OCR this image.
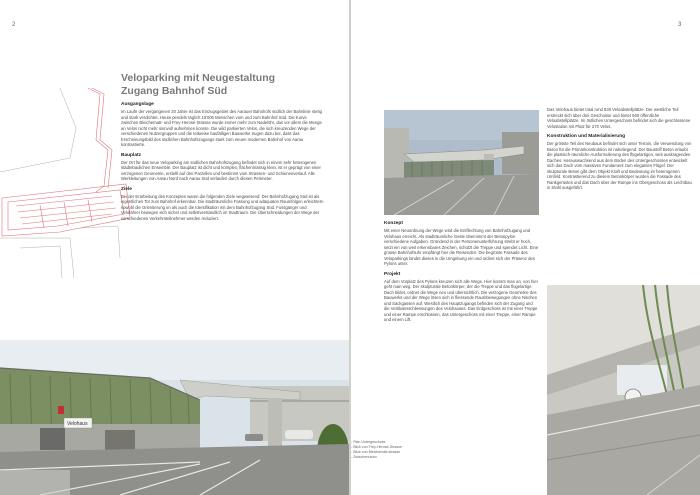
2
Veloparking mit Neugestaltung
Zugang Bahnhof Süd
Ausgangslage

Im Laufe der vergangenen 20 Jahre ist das Einzugsgebiet des Aarauer Bahnhofs südlich der Bahnlinie stetig und stark verdichtet. Heute pendeln täglich 15'000 Menschen vom und zum Bahnhof Süd. Die Kurve zwischen Bleichematt- und Frey-Herosé-Strasse wurde immer mehr zum Nadelöhr, das vor allem die Menge an Velos nicht mehr sinnvoll aufnehmen konnte. Die wild parkierten Velos, die sich kreuzenden Wege der verschiedenen Nutzergruppen und die teilweise baufälligen Bauwerke trugen dazu bei, dass das Erscheinungsbild des südlichen Bahnhofszugangs stark zum neuen modernen Bahnhof von Aarau kontrastierte.

Bauplatz

Der Ort für das neue Veloparking am südlichen Bahnhofszugang befindet sich in einem sehr heterogenen städtebaulichen Ensemble. Der Bauplatz ist dicht und komplex, flächenmässig klein, ist er geprägt von einer verzogenen Geometrie, erstellt auf drei Parzellen und bestimmt vom Strassen- und Schienenverlauf. Alle Werkleitungen von Aarau Nord nach Aarau Süd verlaufen durch diesen Perimeter.

Ziele

Bei der Erarbeitung des Konzeptes waren die folgenden Ziele wegweisend: Der Bahnhofzugang Süd ist als eigentliches Tor zum Bahnhof erkennbar. Die stadträumliche Fassung und adäquaten Raumfolgen erleichtern sowohl die Orientierung im als auch die Identifikation mit dem Bahnhofzugang Süd. Fussgänger und Velofahrer bewegen sich sicher und selbstverständlich im Stadtraum. Die Überschneidungen der Wege der verschiedenen Verkehrsteilnehmer werden reduziert.

Velohaus
3
Konzept

Mit einer Neuordnung der Wege wird die Entflechtung von Bahnhofzugang und Velohaus erreicht. Als stadträumliche Geste übernimmt der Betonpylon verschiedene Aufgaben. Gründend in der Personenunterführung strebt er hoch, setzt ein von weit erkennbares Zeichen, schützt die Treppe und spendet Licht. Eine grosse Bahnhofsuhr empfängt hier die Reisenden. Die begrünte Fassade des Veloparkings bindet dieses in die Umgebung ein und ordnet sich der Präsenz des Pylons unter.

Projekt

Auf dem Vorplatz des Pylons kreuzen sich alle Wege. Hier kommt man an, von hier geht man weg. Der skulpturale Betonkörper, der die Treppe und das flügelartige Dach bildet, ordnet die Wege neu und übersichtlich. Die verzogene Geometrie des Bauwerks und der Wege lösen sich in fliessende Raumbewegungen ohne Nischen und Sackgassen auf. Westlich des Hauptzugangs befinden sich der Zugang und die Vertikalerschliessungen des Velohauses. Das Erdgeschoss ist mit einer Treppe und einer Rampe erschlossen, das Untergeschoss mit einer Treppe, einer Rampe und einem Lift.

Das Velohaus bietet total rund 830 Veloabstellplätze. Der westliche Teil erstreckt sich über drei Geschosse und bietet 560 öffentliche Veloabstellplätze. Im östlichen Untergeschoss befindet sich die geschlossene Velostation mit Platz für 270 Velos.

Konstruktion und Materialisierung

Der grösste Teil des Neubaus befindet sich unter Terrain, die Verwendung von Beton für die Primärkonstruktion ist naheliegend. Der Baustoff Beton erlaubt die plastisch-räumliche Ausformulierung des flügelartigen, weit auskragenden Daches. Herauswachsend aus dem Boden des Untergeschosses entwickelt sich das Dach vom massiven Fundament zum eleganten Flügel. Der skulpturale Beton gibt dem Objekt Kraft und Bedeutung im heterogenen Umfeld. Kontrastierend zu diesem Betonkörper wurden die Fassade des Rankgerüstes und das Dach über der Rampe ins Obergeschoss als Leichtbau in Stahl ausgeführt.

- Plan Untergeschoss
- Blick von Frey-Herosé-Strasse
- Blick von Bleichematt-strasse
- Zwischenraum
